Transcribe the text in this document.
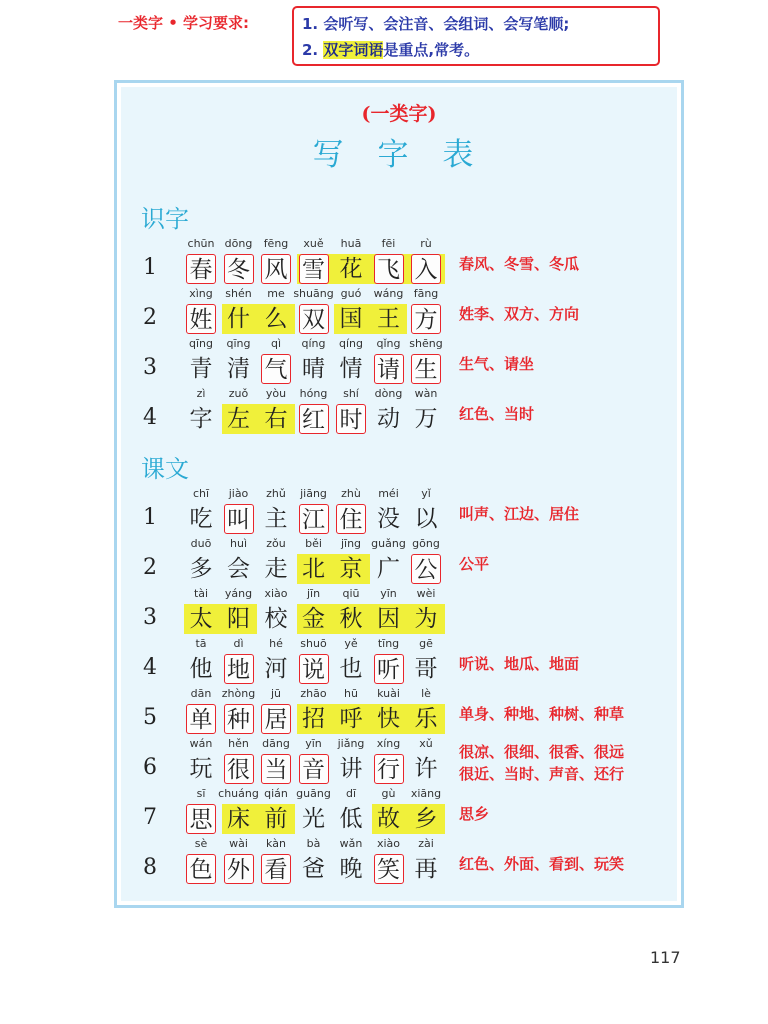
一类字 • 学习要求:	1. 会听写、会注音、会组词、会写笔顺;
2. 双字词语是重点,常考。
(一类字)
写 字 表
识字
1
chūn
春
dōng
冬
fēng
风
xuě
雪
huā
花
fēi
飞
rù
入 春风、冬雪、冬瓜
2
xìng
姓
shén
什
me
么
shuāng
双
guó
国
wáng
王
fāng
方 姓李、双方、方向
3
qīng
青
qīng
清
qì
气
qíng
晴
qíng
情
qǐng
请
shēng
生 生气、请坐
4
zì
字
zuǒ
左
yòu
右
hóng
红
shí
时
dòng
动
wàn
万 红色、当时
课文
1
chī
吃
jiào
叫
zhǔ
主
jiāng
江
zhù
住
méi
没
yǐ
以 叫声、江边、居住
2
duō
多
huì
会
zǒu
走
běi
北
jīng
京
guǎng
广
gōng
公 公平
3
tài
太
yáng
阳
xiào
校
jīn
金
qiū
秋
yīn
因
wèi
为
4
tā
他
dì
地
hé
河
shuō
说
yě
也
tīng
听
gē
哥 听说、地瓜、地面
5
dān
单
zhòng
种
jū
居
zhāo
招
hū
呼
kuài
快
lè
乐 单身、种地、种树、种草
6
wán
玩
hěn
很
dāng
当
yīn
音
jiǎng
讲
xíng
行
xǔ
许
很凉、很细、很香、很远
很近、当时、声音、还行
7
sī
思
chuáng
床
qián
前
guāng
光
dī
低
gù
故
xiāng
乡 思乡
8
sè
色
wài
外
kàn
看
bà
爸
wǎn
晚
xiào
笑
zài
再 红色、外面、看到、玩笑
117
